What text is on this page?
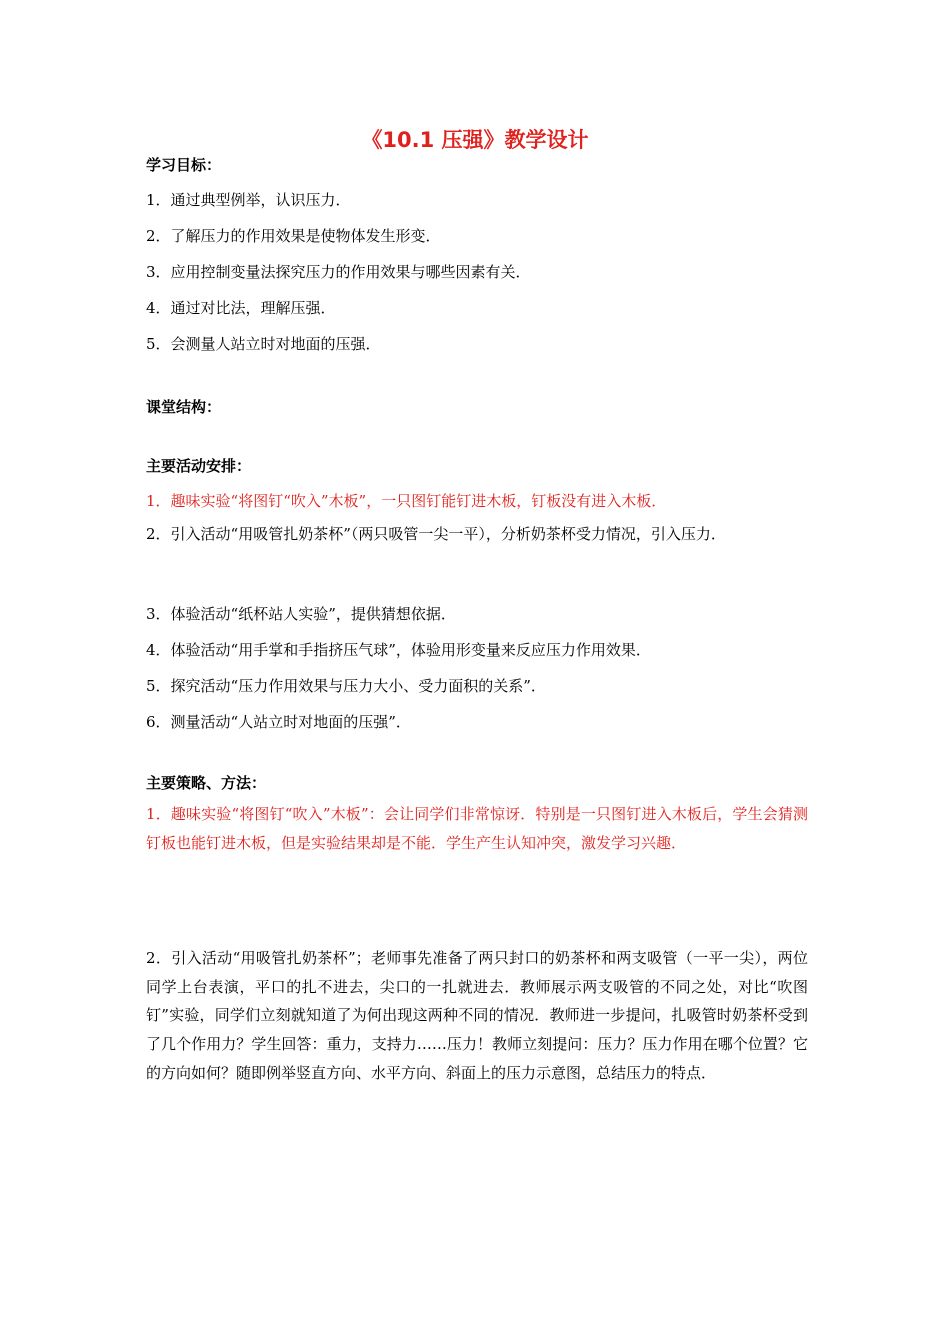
《10.1 压强》教学设计
学习目标：
1．通过典型例举，认识压力．
2．了解压力的作用效果是使物体发生形变．
3．应用控制变量法探究压力的作用效果与哪些因素有关．
4．通过对比法，理解压强．
5．会测量人站立时对地面的压强．
课堂结构：
主要活动安排：
1．趣味实验“将图钉“吹入”木板”，一只图钉能钉进木板，钉板没有进入木板．
2．引入活动“用吸管扎奶茶杯”（两只吸管一尖一平），分析奶茶杯受力情况，引入压力．
3．体验活动“纸杯站人实验”，提供猜想依据．
4．体验活动“用手掌和手指挤压气球”，体验用形变量来反应压力作用效果．
5．探究活动“压力作用效果与压力大小、受力面积的关系”．
6．测量活动“人站立时对地面的压强”．
主要策略、方法：
1．趣味实验“将图钉“吹入”木板”：会让同学们非常惊讶．特别是一只图钉进入木板后，学生会猜测钉板也能钉进木板，但是实验结果却是不能．学生产生认知冲突，激发学习兴趣．
2．引入活动“用吸管扎奶茶杯”；老师事先准备了两只封口的奶茶杯和两支吸管（一平一尖），两位同学上台表演，平口的扎不进去，尖口的一扎就进去．教师展示两支吸管的不同之处，对比“吹图钉”实验，同学们立刻就知道了为何出现这两种不同的情况．教师进一步提问，扎吸管时奶茶杯受到了几个作用力？学生回答：重力，支持力……压力！教师立刻提问：压力？压力作用在哪个位置？它的方向如何？随即例举竖直方向、水平方向、斜面上的压力示意图，总结压力的特点．
